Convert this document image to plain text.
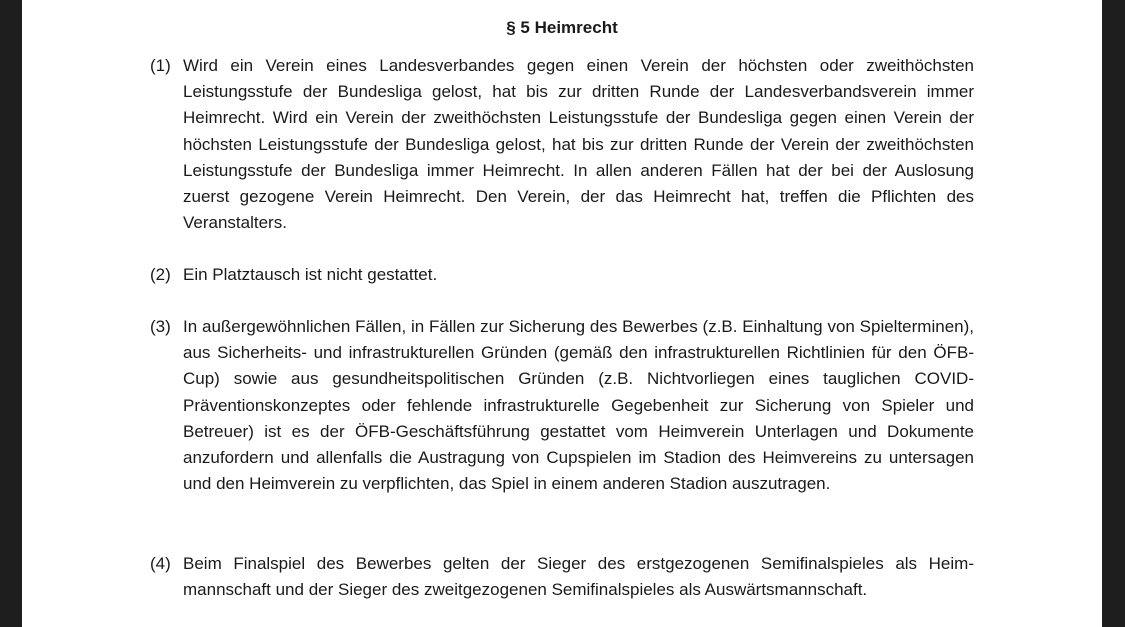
§ 5 Heimrecht
(1) Wird ein Verein eines Landesverbandes gegen einen Verein der höchsten oder zweithöchsten Leistungsstufe der Bundesliga gelost, hat bis zur dritten Runde der Landesverbandsverein immer Heimrecht. Wird ein Verein der zweithöchsten Leistungsstufe der Bundesliga gegen einen Verein der höchsten Leistungsstufe der Bundesliga gelost, hat bis zur dritten Runde der Verein der zweithöchsten Leistungsstufe der Bundesliga immer Heimrecht. In allen anderen Fällen hat der bei der Auslosung zuerst gezogene Verein Heimrecht. Den Verein, der das Heimrecht hat, treffen die Pflichten des Veranstalters.
(2) Ein Platztausch ist nicht gestattet.
(3) In außergewöhnlichen Fällen, in Fällen zur Sicherung des Bewerbes (z.B. Einhaltung von Spielterminen), aus Sicherheits- und infrastrukturellen Gründen (gemäß den infrastrukturellen Richtlinien für den ÖFB-Cup) sowie aus gesundheitspolitischen Gründen (z.B. Nichtvorliegen eines tauglichen COVID-Präventionskonzeptes oder fehlende infrastrukturelle Gegebenheit zur Sicherung von Spieler und Betreuer) ist es der ÖFB-Geschäftsführung gestattet vom Heimverein Unterlagen und Dokumente anzufordern und allenfalls die Austragung von Cupspielen im Stadion des Heimvereins zu untersagen und den Heimverein zu verpflichten, das Spiel in einem anderen Stadion auszutragen.
(4) Beim Finalspiel des Bewerbes gelten der Sieger des erstgezogenen Semifinalspieles als Heimmannschaft und der Sieger des zweitgezogenen Semifinalspieles als Auswärtsmannschaft.
